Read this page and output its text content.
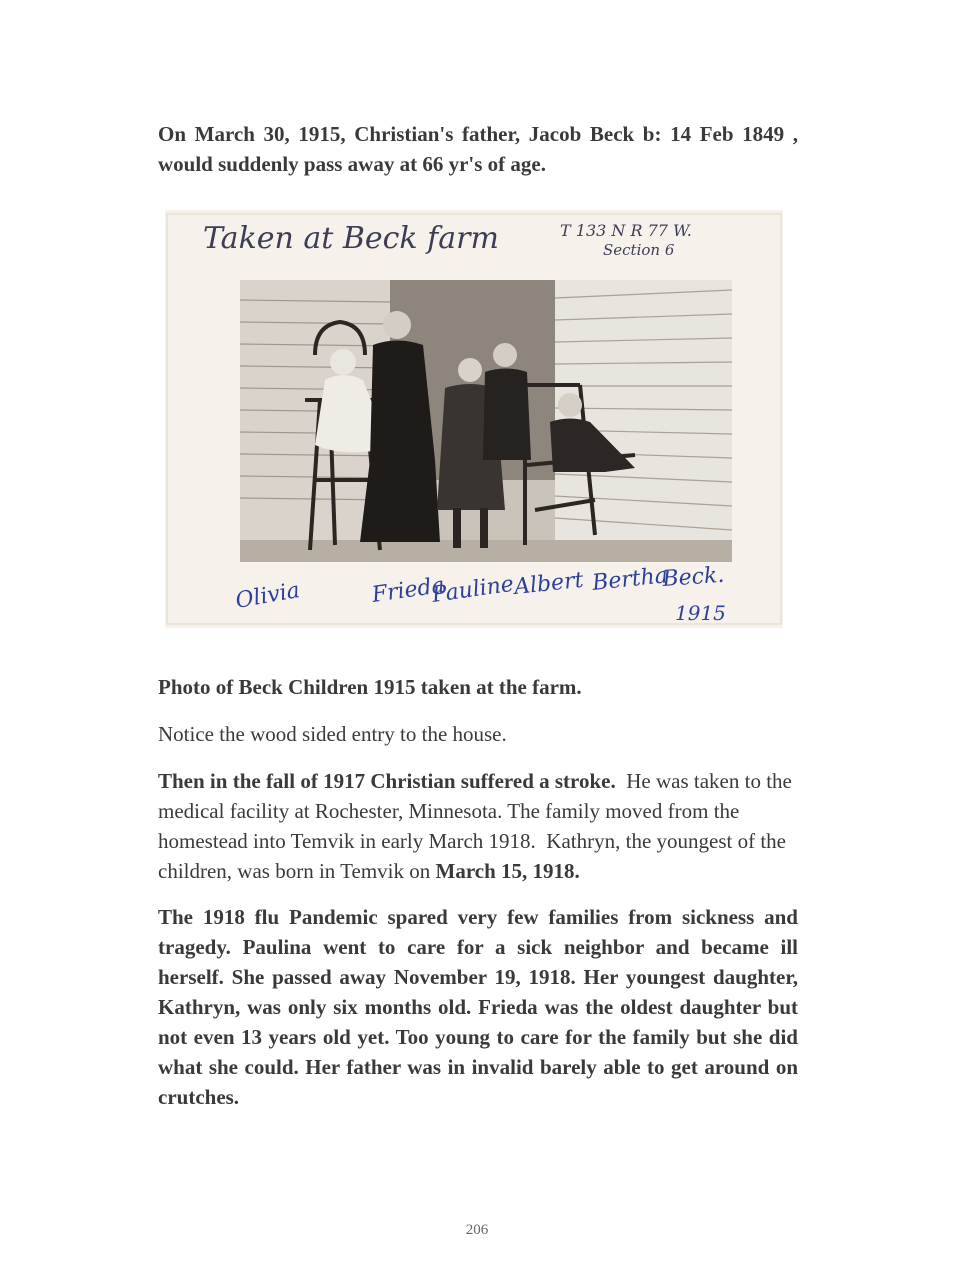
On March 30, 1915, Christian's father, Jacob Beck b: 14 Feb 1849 , would suddenly pass away at 66 yr's of age.

Taken at Beck farm	T 133 N R 77 W.
Section 6
Olivia	Frieda
Pauline
Albert Bertha
Beck.
1915

Photo of Beck Children 1915 taken at the farm.

Notice the wood sided entry to the house.

Then in the fall of 1917 Christian suffered a stroke.  He was taken to the medical facility at Rochester, Minnesota. The family moved from the homestead into Temvik in early March 1918.  Kathryn, the youngest of the children, was born in Temvik on March 15, 1918.

The 1918 flu Pandemic spared very few families from sickness and tragedy. Paulina went to care for a sick neighbor and became ill herself. She passed away November 19, 1918. Her youngest daughter, Kathryn, was only six months old. Frieda was the oldest daughter but not even 13 years old yet. Too young to care for the family but she did what she could. Her father was in invalid barely able to get around on crutches.

206
